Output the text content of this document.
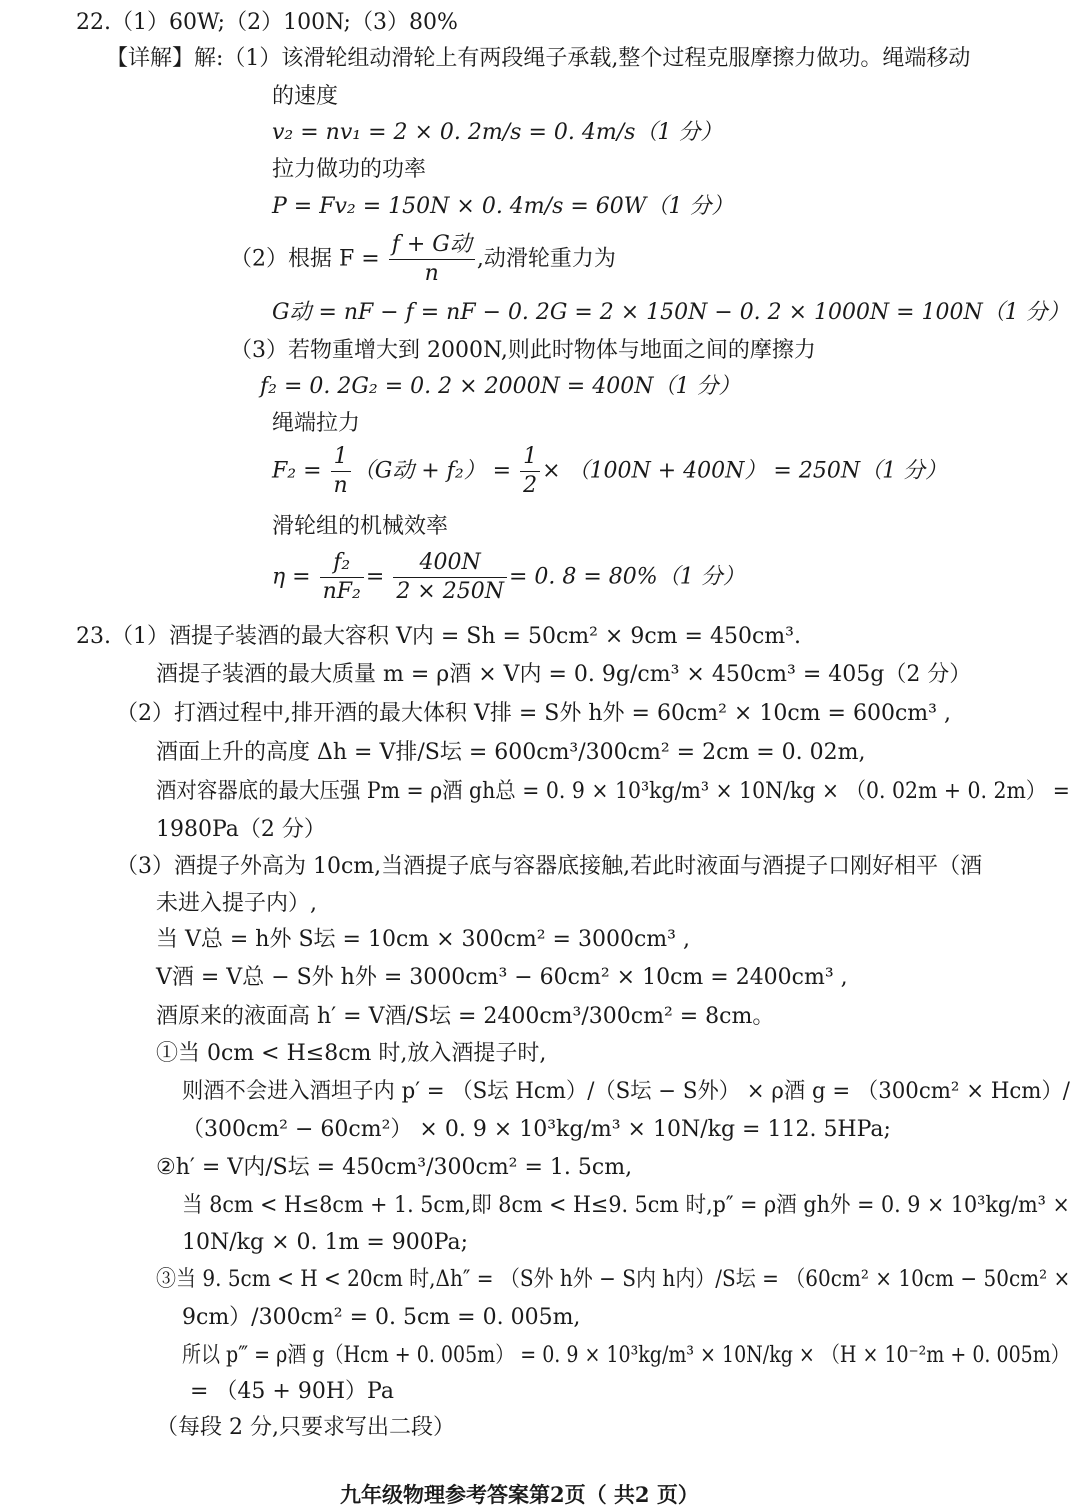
22.（1）60W;（2）100N;（3）80%
【详解】解:（1）该滑轮组动滑轮上有两段绳子承载,整个过程克服摩擦力做功。绳端移动
的速度
v₂ = nv₁ = 2 × 0. 2m/s = 0. 4m/s（1 分）
拉力做功的功率
P = Fv₂ = 150N × 0. 4m/s = 60W（1 分）
（2）根据 $F = \frac{\text{f + G动}}{n}$ ,动滑轮重力为
G动 = nF − f = nF − 0. 2G = 2 × 150N − 0. 2 × 1000N = 100N（1 分）
（3）若物重增大到 2000N,则此时物体与地面之间的摩擦力
f₂ = 0. 2G₂ = 0. 2 × 2000N = 400N（1 分）
绳端拉力
$F_2 = \frac{1}{n} (G$动 + $f_2) = \frac{1}{2} \times (100N + 400N) = 250N(1$ 分）
滑轮组的机械效率
$\eta = \frac{\text{f₂}}{\text{nF₂}} = \frac{400N}{2 \times 250N} = 0$. 8 = 80%（1 分）
23.（1）酒提子装酒的最大容积 V内 = Sh = 50cm² × 9cm = 450cm³.
酒提子装酒的最大质量 m = ρ酒 × V内 = 0. 9g/cm³ × 450cm³ = 405g（2 分）
（2）打酒过程中,排开酒的最大体积 V排 = S外 h外 = 60cm² × 10cm = 600cm³ ,
酒面上升的高度 Δh = V排/S坛 = 600cm³/300cm² = 2cm = 0. 02m,
酒对容器底的最大压强 Pm = ρ酒 gh总 = 0. 9 × 10³kg/m³ × 10N/kg × （0. 02m + 0. 2m） =
1980Pa（2 分）
（3）酒提子外高为 10cm,当酒提子底与容器底接触,若此时液面与酒提子口刚好相平（酒
未进入提子内）,
当 V总 = h外 S坛 = 10cm × 300cm² = 3000cm³ ,
V酒 = V总 − S外 h外 = 3000cm³ − 60cm² × 10cm = 2400cm³ ,
酒原来的液面高 h′ = V酒/S坛 = 2400cm³/300cm² = 8cm。
①当 0cm < H≤8cm 时,放入酒提子时,
则酒不会进入酒坦子内 p′ = （S坛 Hcm）/（S坛 − S外） × ρ酒 g = （300cm² × Hcm）/
（300cm² − 60cm²） × 0. 9 × 10³kg/m³ × 10N/kg = 112. 5HPa;
②h′ = V内/S坛 = 450cm³/300cm² = 1. 5cm,
当 8cm < H≤8cm + 1. 5cm,即 8cm < H≤9. 5cm 时,p″ = ρ酒 gh外 = 0. 9 × 10³kg/m³ ×
10N/kg × 0. 1m = 900Pa;
③当 9. 5cm < H < 20cm 时,Δh″ = （S外 h外 − S内 h内）/S坛 = （60cm² × 10cm − 50cm² ×
9cm）/300cm² = 0. 5cm = 0. 005m,
所以 p‴ = ρ酒 g（Hcm + 0. 005m） = 0. 9 × 10³kg/m³ × 10N/kg × （H × 10⁻²m + 0. 005m）
= （45 + 90H）Pa
（每段 2 分,只要求写出二段）
九年级物理参考答案第2页（ 共2 页）
